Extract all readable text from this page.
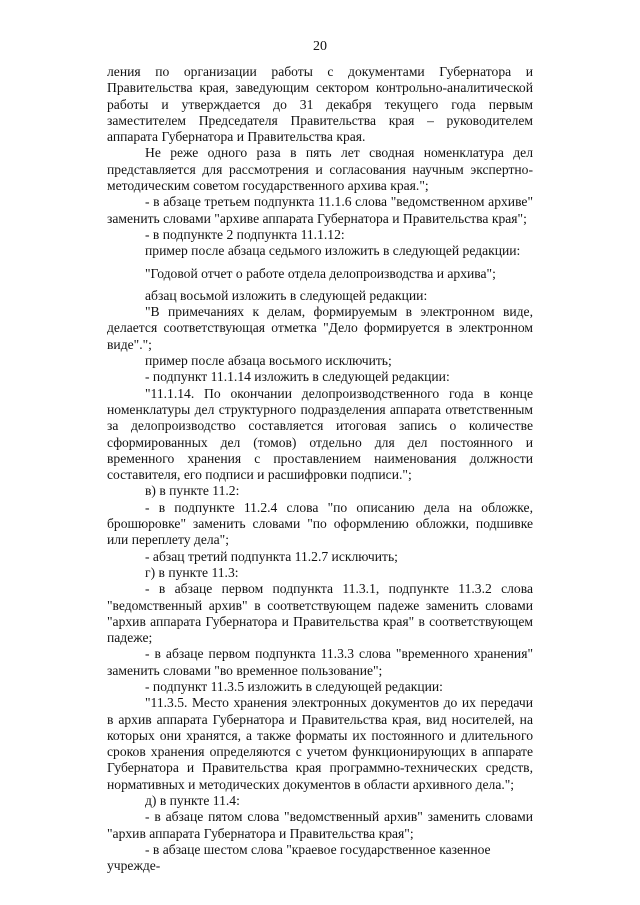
20

ления по организации работы с документами Губернатора и Правительства края, заведующим сектором контрольно-аналитической работы и утверждается до 31 декабря текущего года первым заместителем Председателя Правительства края – руководителем аппарата Губернатора и Правительства края.

Не реже одного раза в пять лет сводная номенклатура дел представляется для рассмотрения и согласования научным экспертно-методическим советом государственного архива края.";

- в абзаце третьем подпункта 11.1.6 слова "ведомственном архиве" заменить словами "архиве аппарата Губернатора и Правительства края";

- в подпункте 2 подпункта 11.1.12:

пример после абзаца седьмого изложить в следующей редакции:

"Годовой отчет о работе отдела делопроизводства и архива";

абзац восьмой изложить в следующей редакции:

"В примечаниях к делам, формируемым в электронном виде, делается соответствующая отметка "Дело формируется в электронном виде".";

пример после абзаца восьмого исключить;

- подпункт 11.1.14 изложить в следующей редакции:

"11.1.14. По окончании делопроизводственного года в конце номенклатуры дел структурного подразделения аппарата ответственным за делопроизводство составляется итоговая запись о количестве сформированных дел (томов) отдельно для дел постоянного и временного хранения с проставлением наименования должности составителя, его подписи и расшифровки подписи.";

в) в пункте 11.2:

- в подпункте 11.2.4 слова "по описанию дела на обложке, брошюровке" заменить словами "по оформлению обложки, подшивке или переплету дела";

- абзац третий подпункта 11.2.7 исключить;

г) в пункте 11.3:

- в абзаце первом подпункта 11.3.1, подпункте 11.3.2 слова "ведомственный архив" в соответствующем падеже заменить словами "архив аппарата Губернатора и Правительства края" в соответствующем падеже;

- в абзаце первом подпункта 11.3.3 слова "временного хранения" заменить словами "во временное пользование";

- подпункт 11.3.5 изложить в следующей редакции:

"11.3.5. Место хранения электронных документов до их передачи в архив аппарата Губернатора и Правительства края, вид носителей, на которых они хранятся, а также форматы их постоянного и длительного сроков хранения определяются с учетом функционирующих в аппарате Губернатора и Правительства края программно-технических средств, нормативных и методических документов в области архивного дела.";

д) в пункте 11.4:

- в абзаце пятом слова "ведомственный архив" заменить словами "архив аппарата Губернатора и Правительства края";

- в абзаце шестом слова "краевое государственное казенное учрежде-
